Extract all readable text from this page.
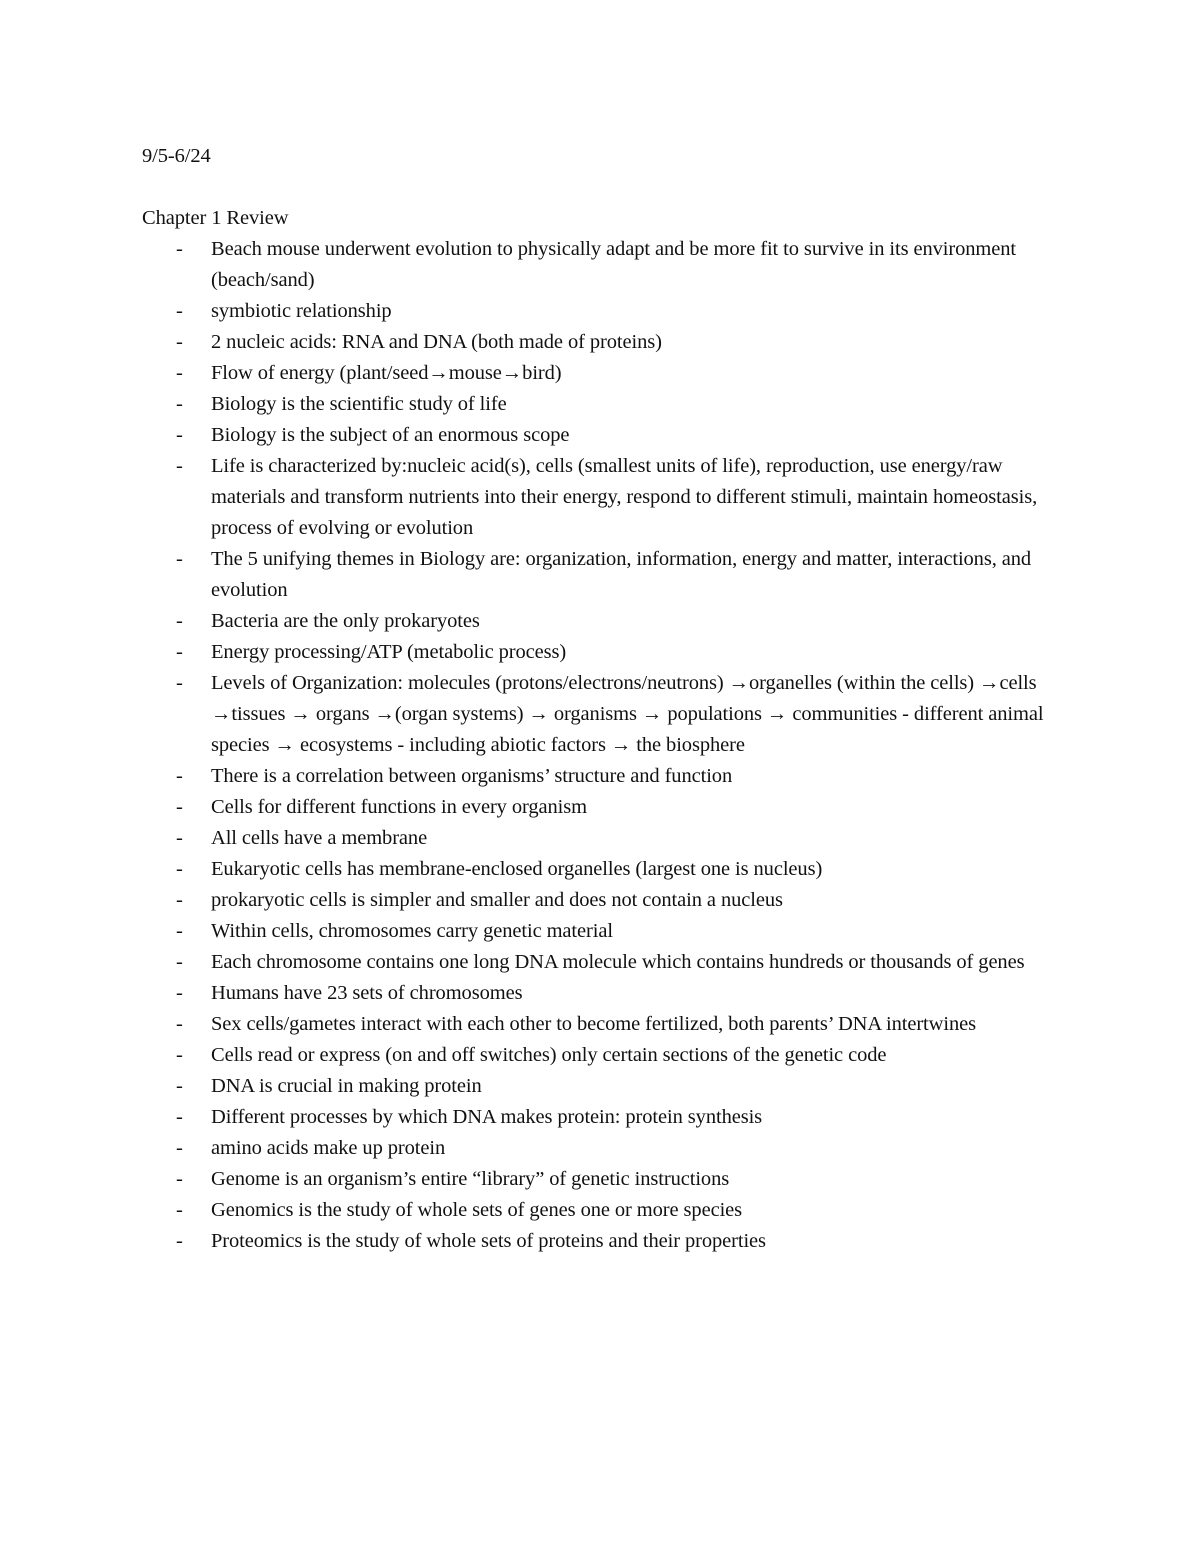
9/5-6/24

Chapter 1 Review
- Beach mouse underwent evolution to physically adapt and be more fit to survive in its environment (beach/sand)
- symbiotic relationship
- 2 nucleic acids: RNA and DNA (both made of proteins)
- Flow of energy (plant/seed→mouse→bird)
- Biology is the scientific study of life
- Biology is the subject of an enormous scope
- Life is characterized by:nucleic acid(s), cells (smallest units of life), reproduction, use energy/raw materials and transform nutrients into their energy, respond to different stimuli, maintain homeostasis, process of evolving or evolution
- The 5 unifying themes in Biology are: organization, information, energy and matter, interactions, and evolution
- Bacteria are the only prokaryotes
- Energy processing/ATP (metabolic process)
- Levels of Organization: molecules (protons/electrons/neutrons) →organelles (within the cells) →cells →tissues → organs →(organ systems) → organisms → populations → communities - different animal species → ecosystems - including abiotic factors → the biosphere
- There is a correlation between organisms’ structure and function
- Cells for different functions in every organism
- All cells have a membrane
- Eukaryotic cells has membrane-enclosed organelles (largest one is nucleus)
- prokaryotic cells is simpler and smaller and does not contain a nucleus
- Within cells, chromosomes carry genetic material
- Each chromosome contains one long DNA molecule which contains hundreds or thousands of genes
- Humans have 23 sets of chromosomes
- Sex cells/gametes interact with each other to become fertilized, both parents’ DNA intertwines
- Cells read or express (on and off switches) only certain sections of the genetic code
- DNA is crucial in making protein
- Different processes by which DNA makes protein: protein synthesis
- amino acids make up protein
- Genome is an organism’s entire “library” of genetic instructions
- Genomics is the study of whole sets of genes one or more species
- Proteomics is the study of whole sets of proteins and their properties
